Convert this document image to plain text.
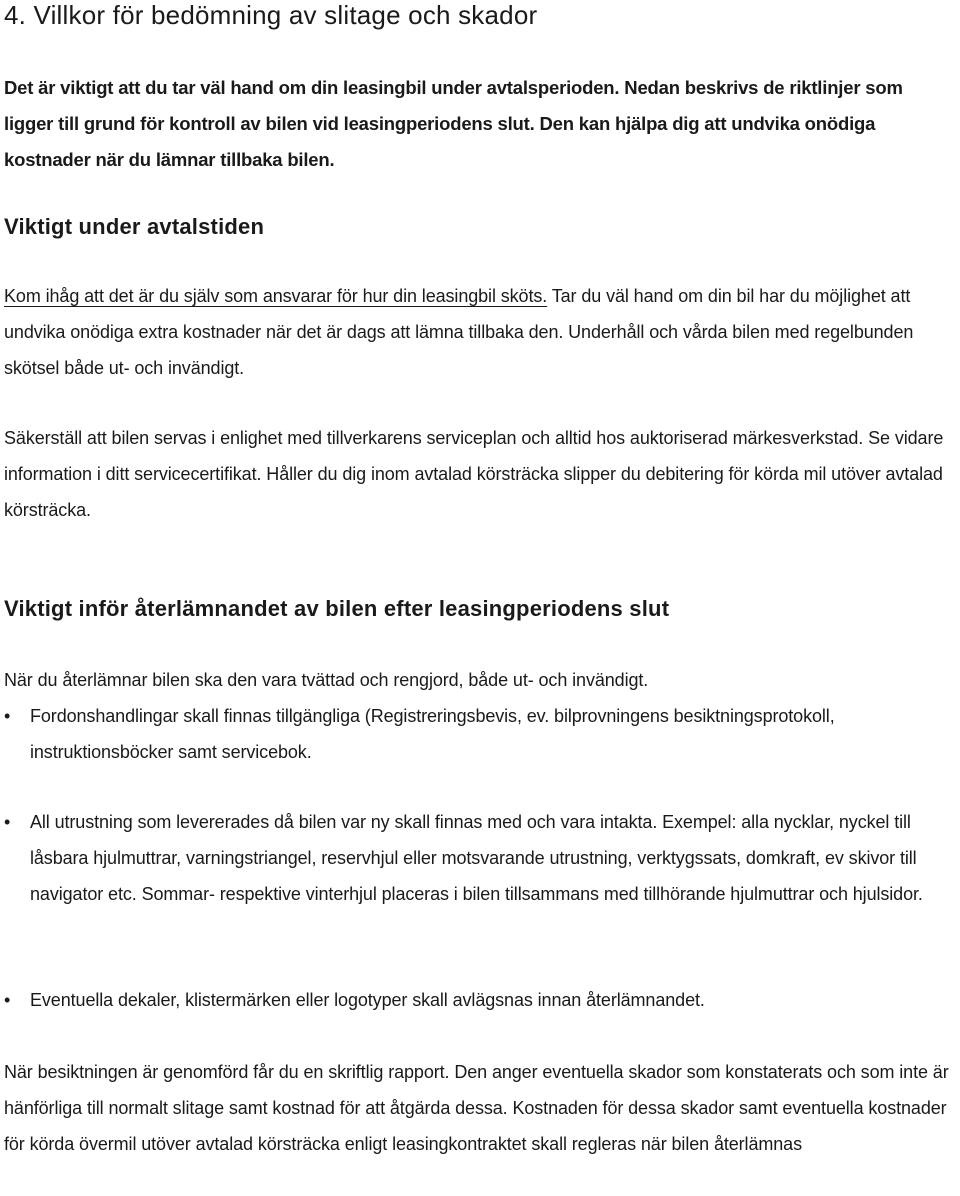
4. Villkor för bedömning av slitage och skador

Det är viktigt att du tar väl hand om din leasingbil under avtalsperioden. Nedan beskrivs de riktlinjer som ligger till grund för kontroll av bilen vid leasingperiodens slut. Den kan hjälpa dig att undvika onödiga kostnader när du lämnar tillbaka bilen.

Viktigt under avtalstiden

Kom ihåg att det är du själv som ansvarar för hur din leasingbil sköts. Tar du väl hand om din bil har du möjlighet att undvika onödiga extra kostnader när det är dags att lämna tillbaka den. Underhåll och vårda bilen med regelbunden skötsel både ut- och invändigt.

Säkerställ att bilen servas i enlighet med tillverkarens serviceplan och alltid hos auktoriserad märkesverkstad. Se vidare information i ditt servicecertifikat. Håller du dig inom avtalad körsträcka slipper du debitering för körda mil utöver avtalad körsträcka.

Viktigt inför återlämnandet av bilen efter leasingperiodens slut

När du återlämnar bilen ska den vara tvättad och rengjord, både ut- och invändigt.

•	Fordonshandlingar skall finnas tillgängliga (Registreringsbevis, ev. bilprovningens besiktningsprotokoll, instruktionsböcker samt servicebok.
•	All utrustning som levererades då bilen var ny skall finnas med och vara intakta. Exempel: alla nycklar, nyckel till låsbara hjulmuttrar, varningstriangel, reservhjul eller motsvarande utrustning, verktygssats, domkraft, ev skivor till navigator etc. Sommar- respektive vinterhjul placeras i bilen tillsammans med tillhörande hjulmuttrar och hjulsidor.
•	Eventuella dekaler, klistermärken eller logotyper skall avlägsnas innan återlämnandet.

När besiktningen är genomförd får du en skriftlig rapport. Den anger eventuella skador som konstaterats och som inte är hänförliga till normalt slitage samt kostnad för att åtgärda dessa. Kostnaden för dessa skador samt eventuella kostnader för körda övermil utöver avtalad körsträcka enligt leasingkontraktet skall regleras när bilen återlämnas
